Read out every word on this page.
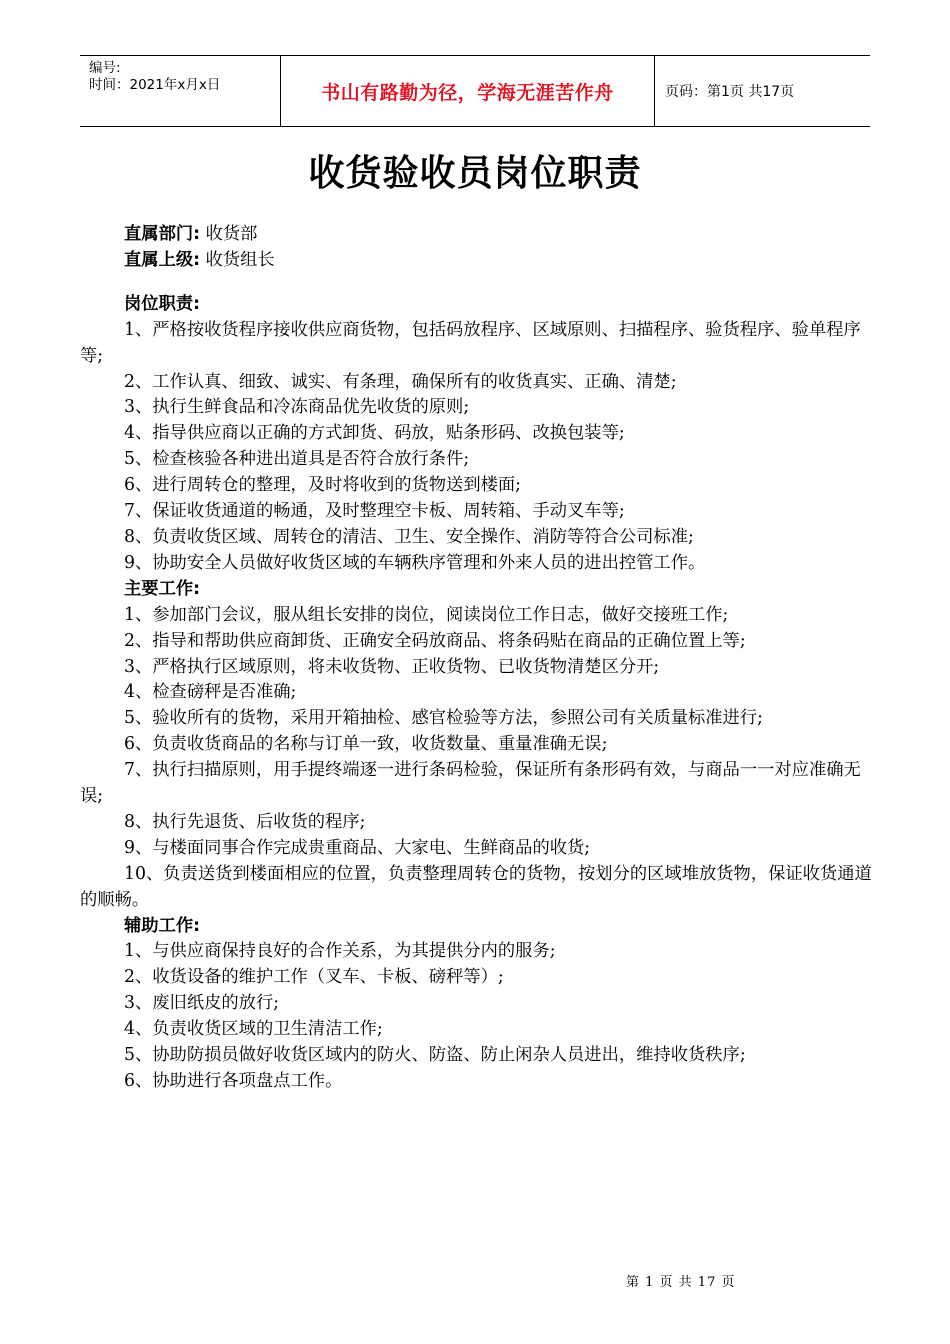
编号:
时间：2021年x月x日	书山有路勤为径，学海无涯苦作舟	页码：第1页 共17页
收货验收员岗位职责

直属部门: 收货部

直属上级: 收货组长

岗位职责:

1、严格按收货程序接收供应商货物，包括码放程序、区域原则、扫描程序、验货程序、验单程序等;

2、工作认真、细致、诚实、有条理，确保所有的收货真实、正确、清楚;

3、执行生鲜食品和冷冻商品优先收货的原则;

4、指导供应商以正确的方式卸货、码放，贴条形码、改换包装等;

5、检查核验各种进出道具是否符合放行条件;

6、进行周转仓的整理，及时将收到的货物送到楼面;

7、保证收货通道的畅通，及时整理空卡板、周转箱、手动叉车等;

8、负责收货区域、周转仓的清洁、卫生、安全操作、消防等符合公司标准;

9、协助安全人员做好收货区域的车辆秩序管理和外来人员的进出控管工作。

主要工作:

1、参加部门会议，服从组长安排的岗位，阅读岗位工作日志，做好交接班工作;

2、指导和帮助供应商卸货、正确安全码放商品、将条码贴在商品的正确位置上等;

3、严格执行区域原则，将未收货物、正收货物、已收货物清楚区分开;

4、检查磅秤是否准确;

5、验收所有的货物，采用开箱抽检、感官检验等方法，参照公司有关质量标准进行;

6、负责收货商品的名称与订单一致，收货数量、重量准确无误;

7、执行扫描原则，用手提终端逐一进行条码检验，保证所有条形码有效，与商品一一对应准确无误;

8、执行先退货、后收货的程序;

9、与楼面同事合作完成贵重商品、大家电、生鲜商品的收货;

10、负责送货到楼面相应的位置，负责整理周转仓的货物，按划分的区域堆放货物，保证收货通道的顺畅。

辅助工作:

1、与供应商保持良好的合作关系，为其提供分内的服务;

2、收货设备的维护工作（叉车、卡板、磅秤等）;

3、废旧纸皮的放行;

4、负责收货区域的卫生清洁工作;

5、协助防损员做好收货区域内的防火、防盗、防止闲杂人员进出，维持收货秩序;

6、协助进行各项盘点工作。

第 1 页 共 17 页
